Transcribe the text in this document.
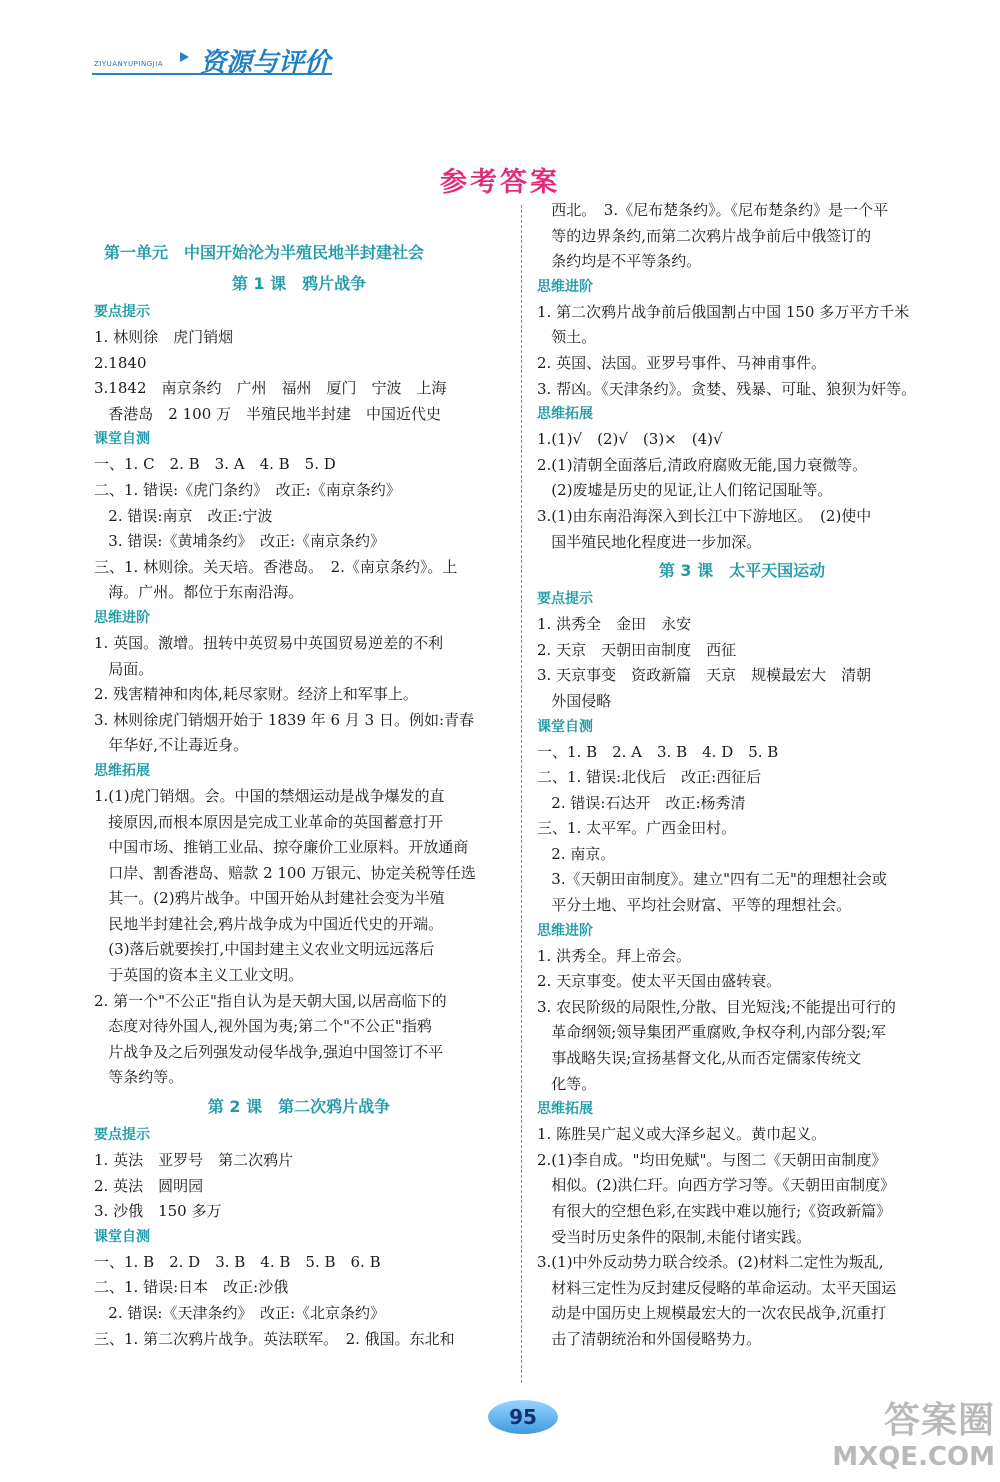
ZIYUANYUPINGJIA 资源与评价
参考答案
第一单元　中国开始沦为半殖民地半封建社会
第 1 课　鸦片战争
要点提示
1. 林则徐　虎门销烟
2.1840
3.1842　南京条约　广州　福州　厦门　宁波　上海
香港岛　2 100 万　半殖民地半封建　中国近代史
课堂自测
一、1. C　2. B　3. A　4. B　5. D
二、1. 错误:《虎门条约》　改正:《南京条约》
2. 错误:南京　改正:宁波
3. 错误:《黄埔条约》　改正:《南京条约》
三、1. 林则徐。关天培。香港岛。　2.《南京条约》。上
海。广州。都位于东南沿海。
思维进阶
1. 英国。激增。扭转中英贸易中英国贸易逆差的不利
局面。
2. 残害精神和肉体,耗尽家财。经济上和军事上。
3. 林则徐虎门销烟开始于 1839 年 6 月 3 日。例如:青春
年华好,不让毒近身。
思维拓展
1.(1)虎门销烟。会。中国的禁烟运动是战争爆发的直
接原因,而根本原因是完成工业革命的英国蓄意打开
中国市场、推销工业品、掠夺廉价工业原料。开放通商
口岸、割香港岛、赔款 2 100 万银元、协定关税等任选
其一。(2)鸦片战争。中国开始从封建社会变为半殖
民地半封建社会,鸦片战争成为中国近代史的开端。
(3)落后就要挨打,中国封建主义农业文明远远落后
于英国的资本主义工业文明。
2. 第一个"不公正"指自认为是天朝大国,以居高临下的
态度对待外国人,视外国为夷;第二个"不公正"指鸦
片战争及之后列强发动侵华战争,强迫中国签订不平
等条约等。
第 2 课　第二次鸦片战争
要点提示
1. 英法　亚罗号　第二次鸦片
2. 英法　圆明园
3. 沙俄　150 多万
课堂自测
一、1. B　2. D　3. B　4. B　5. B　6. B
二、1. 错误:日本　改正:沙俄
2. 错误:《天津条约》　改正:《北京条约》
三、1. 第二次鸦片战争。英法联军。　2. 俄国。东北和
西北。　3.《尼布楚条约》。《尼布楚条约》是一个平
等的边界条约,而第二次鸦片战争前后中俄签订的
条约均是不平等条约。
思维进阶
1. 第二次鸦片战争前后俄国割占中国 150 多万平方千米
领土。
2. 英国、法国。亚罗号事件、马神甫事件。
3. 帮凶。《天津条约》。贪婪、残暴、可耻、狼狈为奸等。
思维拓展
1.(1)√　(2)√　(3)×　(4)√
2.(1)清朝全面落后,清政府腐败无能,国力衰微等。
(2)废墟是历史的见证,让人们铭记国耻等。
3.(1)由东南沿海深入到长江中下游地区。　(2)使中
国半殖民地化程度进一步加深。
第 3 课　太平天国运动
要点提示
1. 洪秀全　金田　永安
2. 天京　天朝田亩制度　西征
3. 天京事变　资政新篇　天京　规模最宏大　清朝
外国侵略
课堂自测
一、1. B　2. A　3. B　4. D　5. B
二、1. 错误:北伐后　改正:西征后
2. 错误:石达开　改正:杨秀清
三、1. 太平军。广西金田村。
2. 南京。
3.《天朝田亩制度》。建立"四有二无"的理想社会或
平分土地、平均社会财富、平等的理想社会。
思维进阶
1. 洪秀全。拜上帝会。
2. 天京事变。使太平天国由盛转衰。
3. 农民阶级的局限性,分散、目光短浅;不能提出可行的
革命纲领;领导集团严重腐败,争权夺利,内部分裂;军
事战略失误;宣扬基督文化,从而否定儒家传统文
化等。
思维拓展
1. 陈胜吴广起义或大泽乡起义。黄巾起义。
2.(1)李自成。"均田免赋"。与图二《天朝田亩制度》
相似。(2)洪仁玕。向西方学习等。《天朝田亩制度》
有很大的空想色彩,在实践中难以施行;《资政新篇》
受当时历史条件的限制,未能付诸实践。
3.(1)中外反动势力联合绞杀。(2)材料二定性为叛乱,
材料三定性为反封建反侵略的革命运动。太平天国运
动是中国历史上规模最宏大的一次农民战争,沉重打
击了清朝统治和外国侵略势力。
95	答案圈
MXQE.COM
